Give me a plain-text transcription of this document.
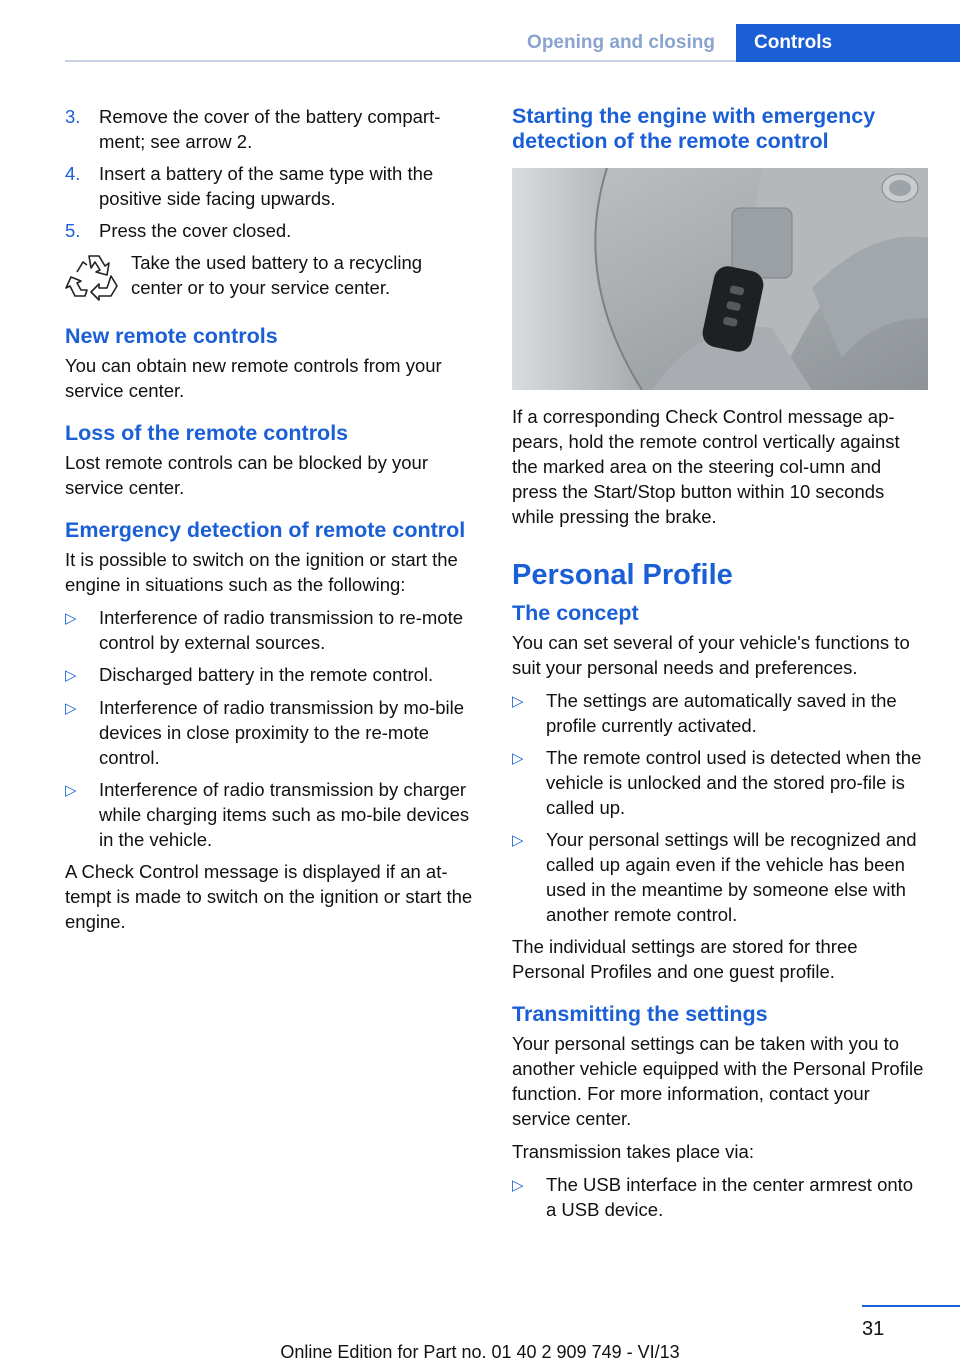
Opening and closing	Controls
3.	Remove the cover of the battery compart‐ment; see arrow 2.
4.	Insert a battery of the same type with the positive side facing upwards.
5.	Press the cover closed.
Take the used battery to a recycling center or to your service center.
New remote controls

You can obtain new remote controls from your service center.

Loss of the remote controls

Lost remote controls can be blocked by your service center.

Emergency detection of remote control

It is possible to switch on the ignition or start the engine in situations such as the following:

▷	Interference of radio transmission to re‐mote control by external sources.
▷	Discharged battery in the remote control.
▷	Interference of radio transmission by mo‐bile devices in close proximity to the re‐mote control.
▷	Interference of radio transmission by charger while charging items such as mo‐bile devices in the vehicle.

A Check Control message is displayed if an at‐tempt is made to switch on the ignition or start the engine.

Starting the engine with emergency detection of the remote control

If a corresponding Check Control message ap‐pears, hold the remote control vertically against the marked area on the steering col‐umn and press the Start/Stop button within 10 seconds while pressing the brake.

Personal Profile
The concept

You can set several of your vehicle's functions to suit your personal needs and preferences.

▷	The settings are automatically saved in the profile currently activated.
▷	The remote control used is detected when the vehicle is unlocked and the stored pro‐file is called up.
▷	Your personal settings will be recognized and called up again even if the vehicle has been used in the meantime by someone else with another remote control.

The individual settings are stored for three Personal Profiles and one guest profile.

Transmitting the settings

Your personal settings can be taken with you to another vehicle equipped with the Personal Profile function. For more information, contact your service center.

Transmission takes place via:

▷	The USB interface in the center armrest onto a USB device.
31
Online Edition for Part no. 01 40 2 909 749 - VI/13
